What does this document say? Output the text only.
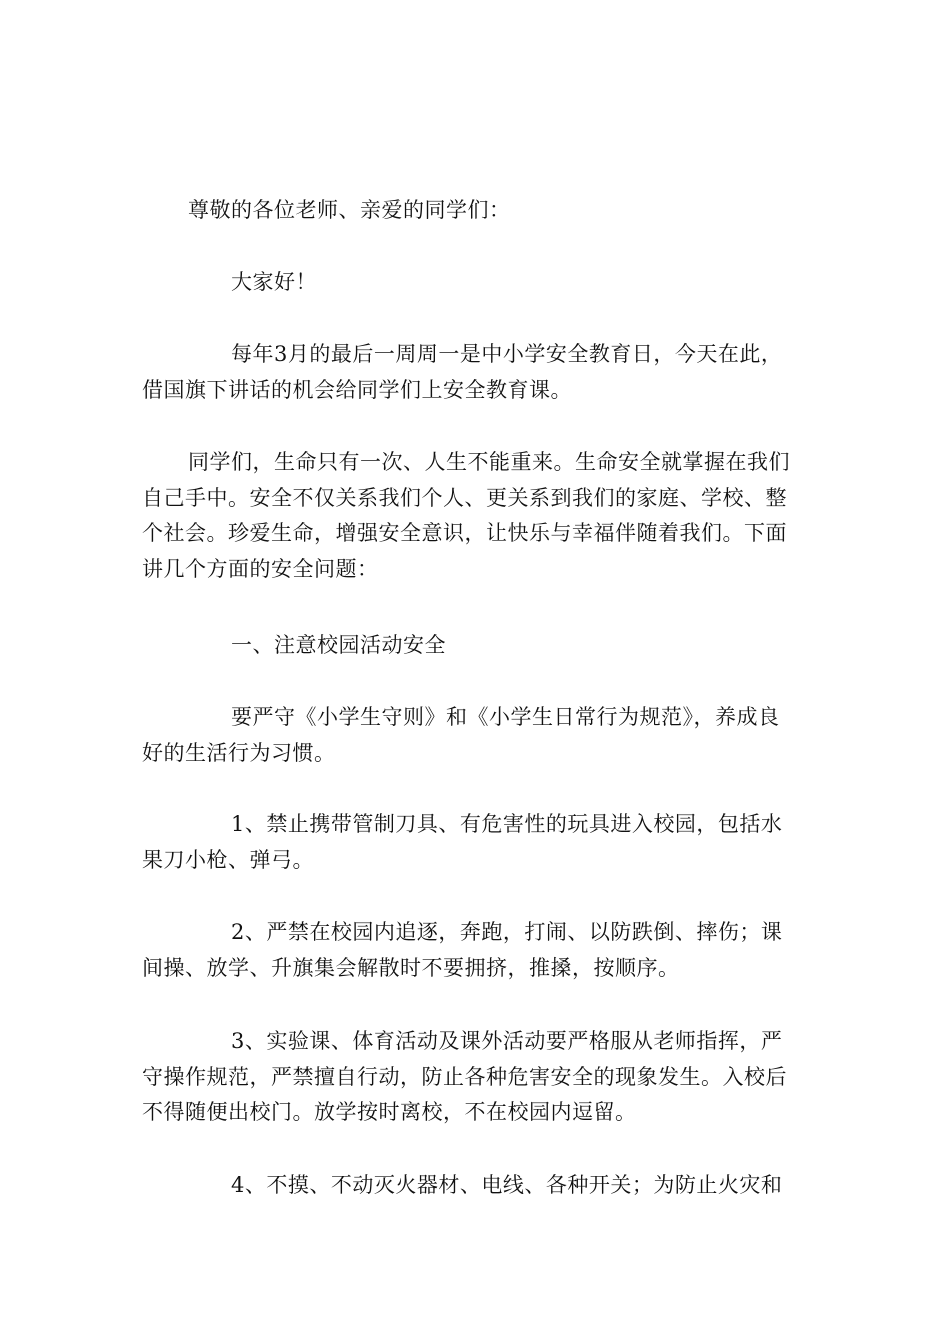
尊敬的各位老师、亲爱的同学们：

大家好！

每年3月的最后一周周一是中小学安全教育日，今天在此，
借国旗下讲话的机会给同学们上安全教育课。

同学们，生命只有一次、人生不能重来。生命安全就掌握在我们
自己手中。安全不仅关系我们个人、更关系到我们的家庭、学校、整
个社会。珍爱生命，增强安全意识，让快乐与幸福伴随着我们。下面
讲几个方面的安全问题：

一、注意校园活动安全

要严守《小学生守则》和《小学生日常行为规范》，养成良
好的生活行为习惯。

1、禁止携带管制刀具、有危害性的玩具进入校园，包括水
果刀小枪、弹弓。

2、严禁在校园内追逐，奔跑，打闹、以防跌倒、摔伤；课
间操、放学、升旗集会解散时不要拥挤，推搡，按顺序。

3、实验课、体育活动及课外活动要严格服从老师指挥，严
守操作规范，严禁擅自行动，防止各种危害安全的现象发生。入校后
不得随便出校门。放学按时离校，不在校园内逗留。

4、不摸、不动灭火器材、电线、各种开关；为防止火灾和
